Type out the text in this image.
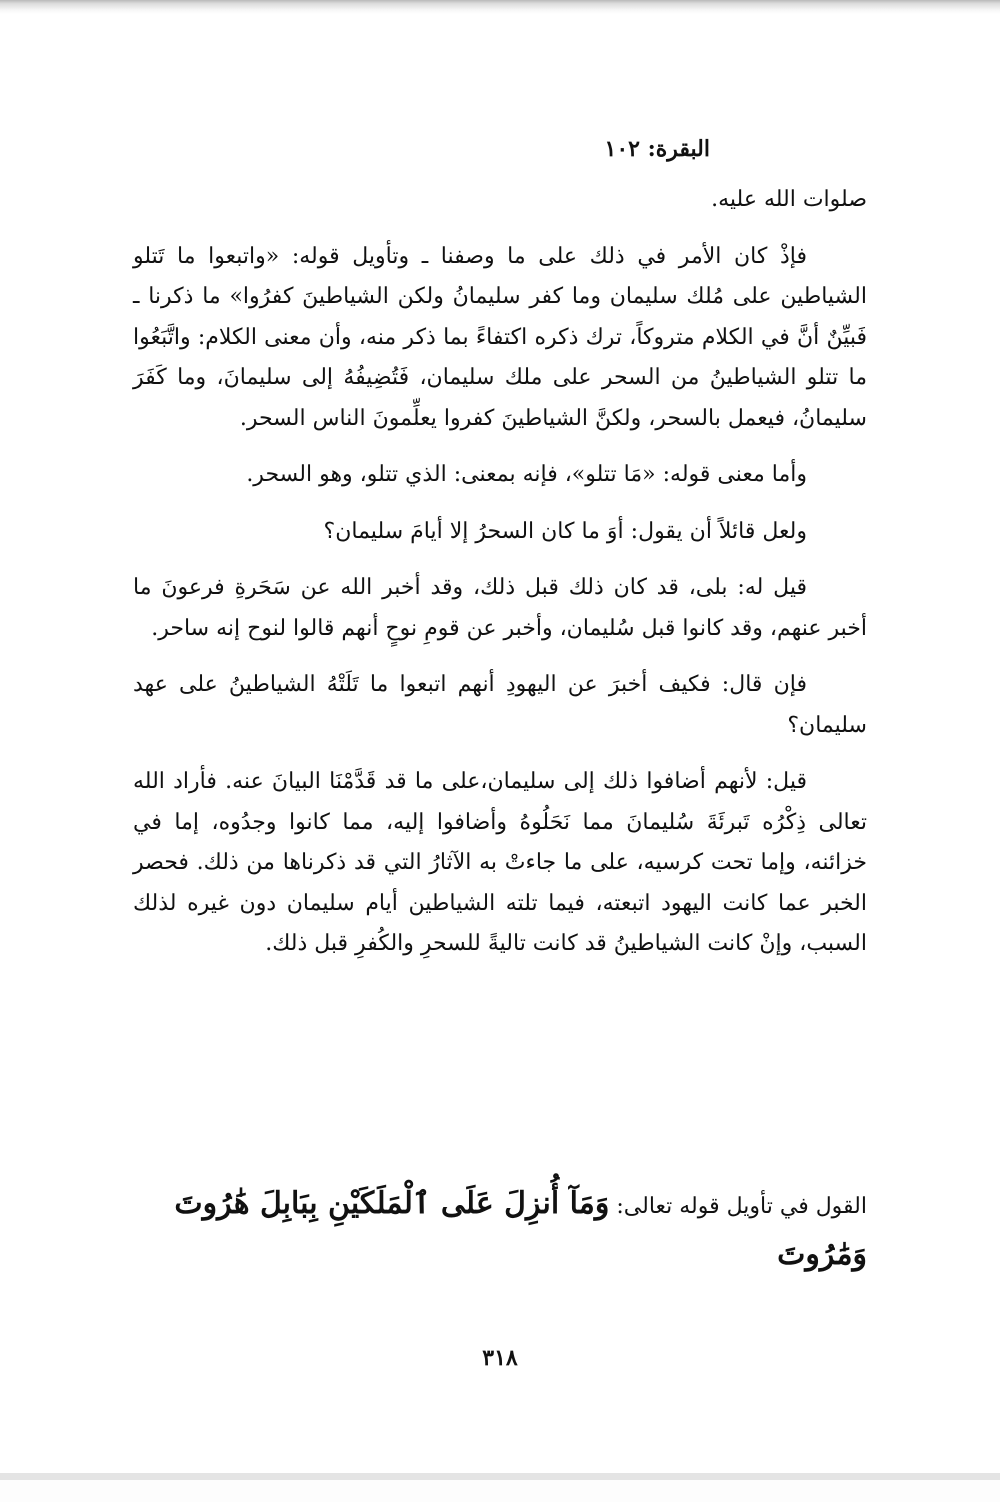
البقرة: ١٠٢

صلوات الله عليه.

فإذْ كان الأمر في ذلك على ما وصفنا ـ وتأويل قوله: «واتبعوا ما تَتلو الشياطين على مُلك سليمان وما كفر سليمانُ ولكن الشياطينَ كفرُوا» ما ذكرنا ـ فَبيِّنٌ أنَّ في الكلام متروكاً، ترك ذكره اكتفاءً بما ذكر منه، وأن معنى الكلام: واتَّبَعُوا ما تتلو الشياطينُ من السحر على ملك سليمان، فَتُضِيفُهُ إلى سليمانَ، وما كَفَرَ سليمانُ، فيعمل بالسحر، ولكنَّ الشياطينَ كفروا يعلِّمونَ الناس السحر.

وأما معنى قوله: «مَا تتلو»، فإنه بمعنى: الذي تتلو، وهو السحر.

ولعل قائلاً أن يقول: أوَ ما كان السحرُ إلا أيامَ سليمان؟

قيل له: بلى، قد كان ذلك قبل ذلك، وقد أخبر الله عن سَحَرةِ فرعونَ ما أخبر عنهم، وقد كانوا قبل سُليمان، وأخبر عن قومِ نوحٍ أنهم قالوا لنوح إنه ساحر.

فإن قال: فكيف أخبرَ عن اليهودِ أنهم اتبعوا ما تَلَتْهُ الشياطينُ على عهد سليمان؟

قيل: لأنهم أضافوا ذلك إلى سليمان،على ما قد قَدَّمْنَا البيانَ عنه. فأراد الله تعالى ذِكْرُه تَبرئَةَ سُليمانَ مما نَحَلُوهُ وأضافوا إليه، مما كانوا وجدُوه، إما في خزائنه، وإما تحت كرسيه، على ما جاءتْ به الآثارُ التي قد ذكرناها من ذلك. فحصر الخبر عما كانت اليهود اتبعته، فيما تلته الشياطين أيام سليمان دون غيره لذلك السبب، وإنْ كانت الشياطينُ قد كانت تاليةً للسحرِ والكُفرِ قبل ذلك.

القول في تأويل قوله تعالى: وَمَآ أُنزِلَ عَلَى ٱلْمَلَكَيْنِ بِبَابِلَ هَٰرُوتَ وَمَٰرُوتَ
٣١٨
